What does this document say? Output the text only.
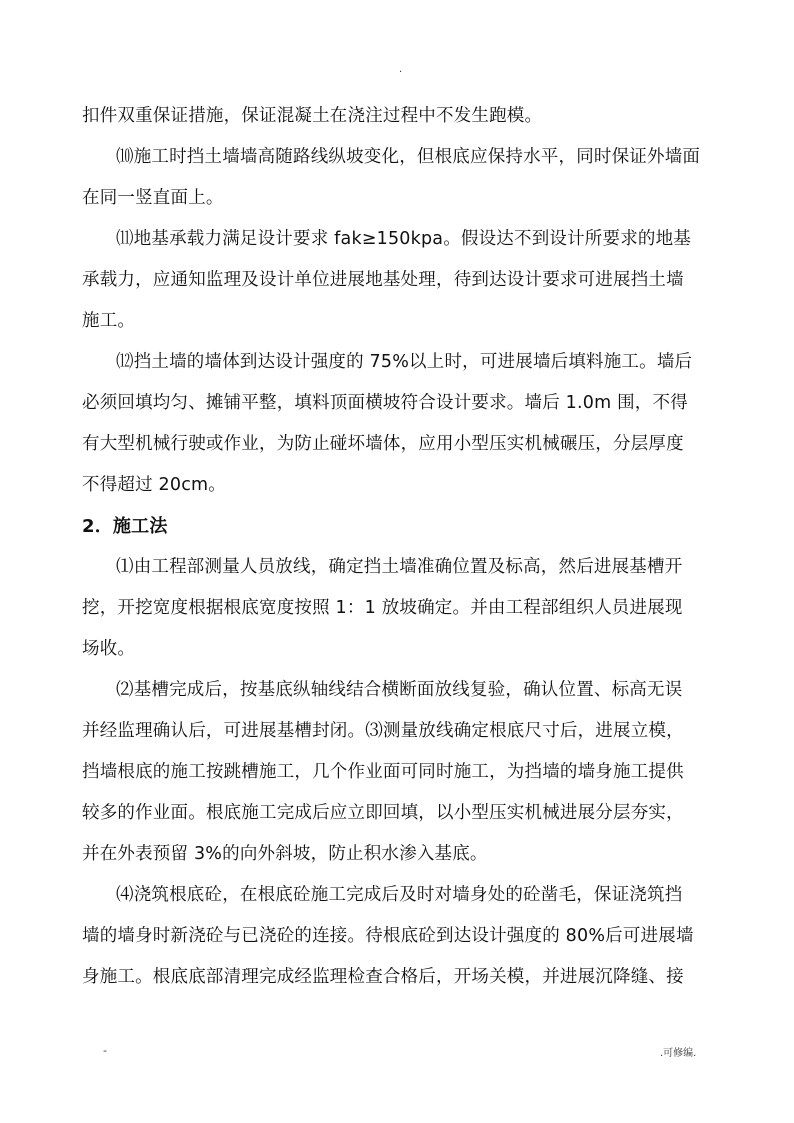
.
扣件双重保证措施，保证混凝土在浇注过程中不发生跑模。
⑽施工时挡土墙墙高随路线纵坡变化，但根底应保持水平，同时保证外墙面
在同一竖直面上。
⑾地基承载力满足设计要求 fak≥150kpa。假设达不到设计所要求的地基
承载力，应通知监理及设计单位进展地基处理，待到达设计要求可进展挡土墙
施工。
⑿挡土墙的墙体到达设计强度的 75%以上时，可进展墙后填料施工。墙后
必须回填均匀、摊铺平整，填料顶面横坡符合设计要求。墙后 1.0m 围，不得
有大型机械行驶或作业，为防止碰坏墙体，应用小型压实机械碾压，分层厚度
不得超过 20cm。
2．施工法
⑴由工程部测量人员放线，确定挡土墙准确位置及标高，然后进展基槽开
挖，开挖宽度根据根底宽度按照 1：1 放坡确定。并由工程部组织人员进展现
场收。
⑵基槽完成后，按基底纵轴线结合横断面放线复验，确认位置、标高无误
并经监理确认后，可进展基槽封闭。⑶测量放线确定根底尺寸后，进展立模，
挡墙根底的施工按跳槽施工，几个作业面可同时施工，为挡墙的墙身施工提供
较多的作业面。根底施工完成后应立即回填，以小型压实机械进展分层夯实，
并在外表预留 3%的向外斜坡，防止积水渗入基底。
⑷浇筑根底砼，在根底砼施工完成后及时对墙身处的砼凿毛，保证浇筑挡
墙的墙身时新浇砼与已浇砼的连接。待根底砼到达设计强度的 80%后可进展墙
身施工。根底底部清理完成经监理检查合格后，开场关模，并进展沉降缝、接
-	.可修编.
